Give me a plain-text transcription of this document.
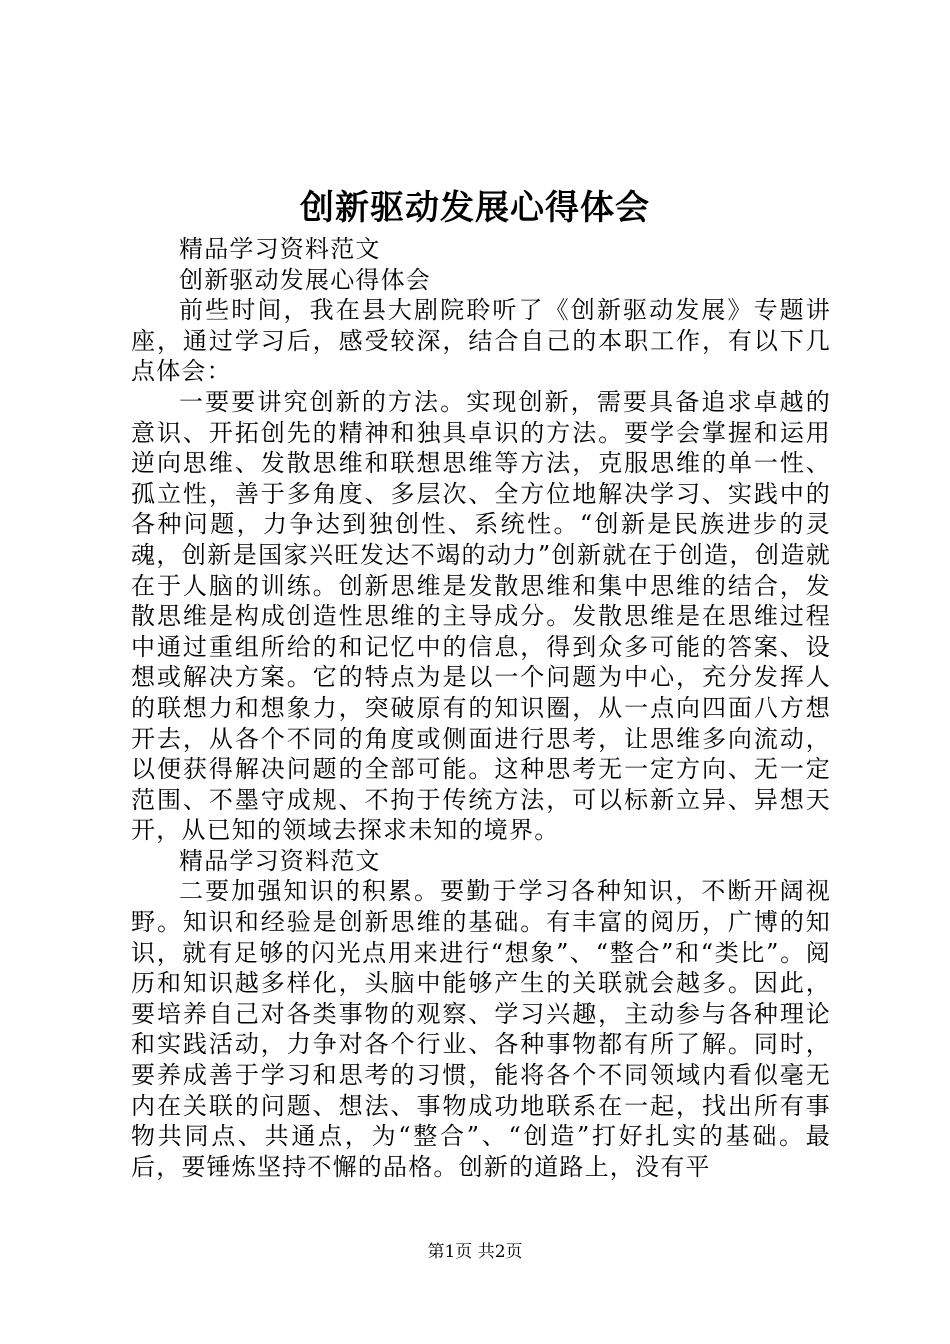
创新驱动发展心得体会

精品学习资料范文

创新驱动发展心得体会

前些时间，我在县大剧院聆听了《创新驱动发展》专题讲座，通过学习后，感受较深，结合自己的本职工作，有以下几点体会：

一要要讲究创新的方法。实现创新，需要具备追求卓越的意识、开拓创先的精神和独具卓识的方法。要学会掌握和运用逆向思维、发散思维和联想思维等方法，克服思维的单一性、孤立性，善于多角度、多层次、全方位地解决学习、实践中的各种问题，力争达到独创性、系统性。“创新是民族进步的灵魂，创新是国家兴旺发达不竭的动力”创新就在于创造，创造就在于人脑的训练。创新思维是发散思维和集中思维的结合，发散思维是构成创造性思维的主导成分。发散思维是在思维过程中通过重组所给的和记忆中的信息，得到众多可能的答案、设想或解决方案。它的特点为是以一个问题为中心，充分发挥人的联想力和想象力，突破原有的知识圈，从一点向四面八方想开去，从各个不同的角度或侧面进行思考，让思维多向流动，以便获得解决问题的全部可能。这种思考无一定方向、无一定范围、不墨守成规、不拘于传统方法，可以标新立异、异想天开，从已知的领域去探求未知的境界。

精品学习资料范文

二要加强知识的积累。要勤于学习各种知识，不断开阔视野。知识和经验是创新思维的基础。有丰富的阅历，广博的知识，就有足够的闪光点用来进行“想象”、“整合”和“类比”。阅历和知识越多样化，头脑中能够产生的关联就会越多。因此，要培养自己对各类事物的观察、学习兴趣，主动参与各种理论和实践活动，力争对各个行业、各种事物都有所了解。同时，要养成善于学习和思考的习惯，能将各个不同领域内看似毫无内在关联的问题、想法、事物成功地联系在一起，找出所有事物共同点、共通点，为“整合”、“创造”打好扎实的基础。最后，要锤炼坚持不懈的品格。创新的道路上，没有平

第1页 共2页
